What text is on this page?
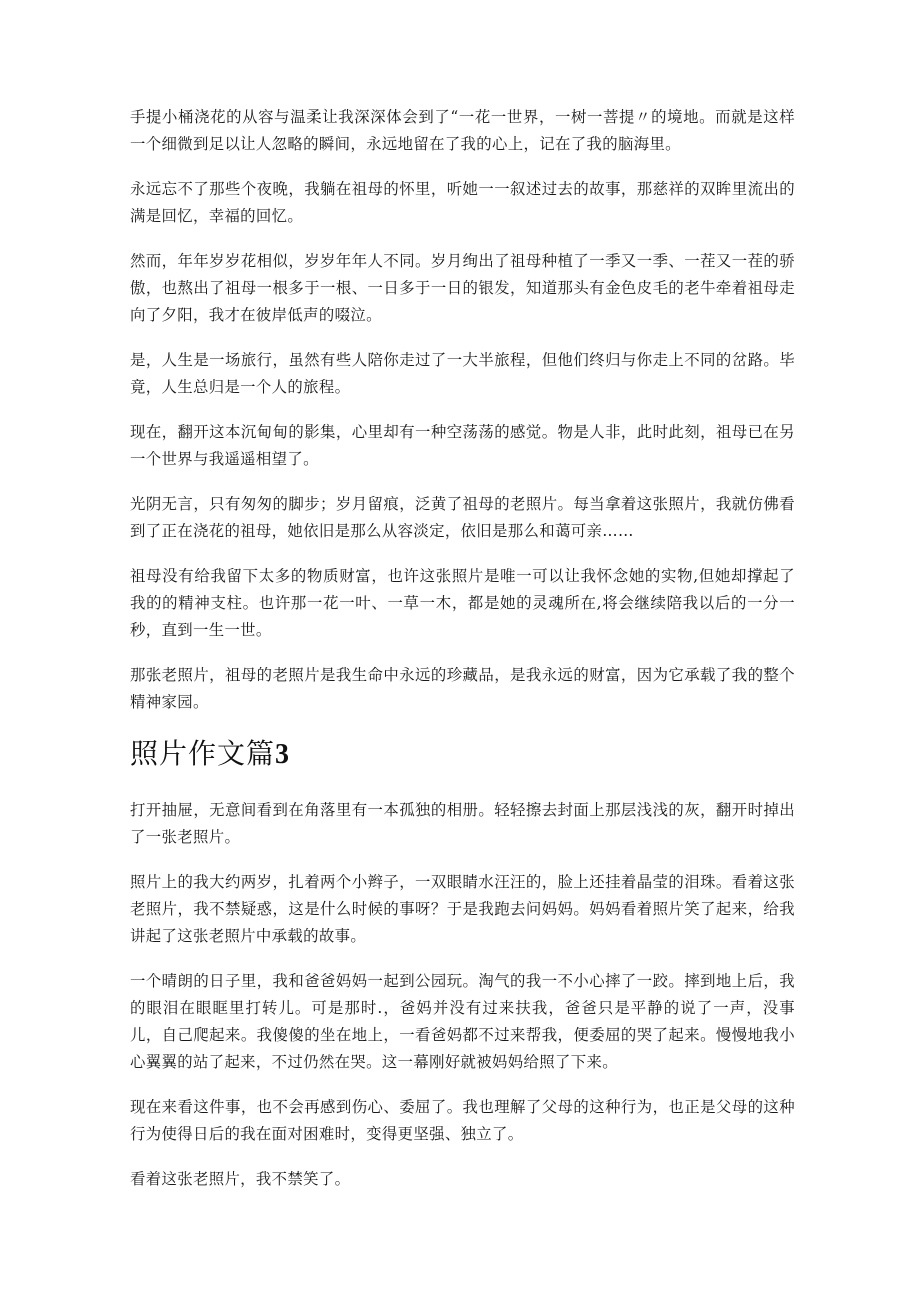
手提小桶浇花的从容与温柔让我深深体会到了“一花一世界，一树一菩提〃的境地。而就是这样一个细微到足以让人忽略的瞬间，永远地留在了我的心上，记在了我的脑海里。

永远忘不了那些个夜晚，我躺在祖母的怀里，听她一一叙述过去的故事，那慈祥的双眸里流出的满是回忆，幸福的回忆。

然而，年年岁岁花相似，岁岁年年人不同。岁月绚出了祖母种植了一季又一季、一茬又一茬的骄傲，也熬出了祖母一根多于一根、一日多于一日的银发，知道那头有金色皮毛的老牛牵着祖母走向了夕阳，我才在彼岸低声的啜泣。

是，人生是一场旅行，虽然有些人陪你走过了一大半旅程，但他们终归与你走上不同的岔路。毕竟，人生总归是一个人的旅程。

现在，翻开这本沉甸甸的影集，心里却有一种空荡荡的感觉。物是人非，此时此刻，祖母已在另一个世界与我遥遥相望了。

光阴无言，只有匆匆的脚步；岁月留痕，泛黄了祖母的老照片。每当拿着这张照片，我就仿佛看到了正在浇花的祖母，她依旧是那么从容淡定，依旧是那么和蔼可亲……

祖母没有给我留下太多的物质财富，也许这张照片是唯一可以让我怀念她的实物,但她却撑起了我的的精神支柱。也许那一花一叶、一草一木，都是她的灵魂所在,将会继续陪我以后的一分一秒，直到一生一世。

那张老照片，祖母的老照片是我生命中永远的珍藏品，是我永远的财富，因为它承载了我的整个精神家园。

照片作文篇3

打开抽屉，无意间看到在角落里有一本孤独的相册。轻轻擦去封面上那层浅浅的灰，翻开时掉出了一张老照片。

照片上的我大约两岁，扎着两个小辫子，一双眼睛水汪汪的，脸上还挂着晶莹的泪珠。看着这张老照片，我不禁疑惑，这是什么时候的事呀？于是我跑去问妈妈。妈妈看着照片笑了起来，给我讲起了这张老照片中承载的故事。

一个晴朗的日子里，我和爸爸妈妈一起到公园玩。淘气的我一不小心摔了一跤。摔到地上后，我的眼泪在眼眶里打转儿。可是那时.，爸妈并没有过来扶我，爸爸只是平静的说了一声，没事儿，自己爬起来。我傻傻的坐在地上，一看爸妈都不过来帮我，便委屈的哭了起来。慢慢地我小心翼翼的站了起来，不过仍然在哭。这一幕刚好就被妈妈给照了下来。

现在来看这件事，也不会再感到伤心、委屈了。我也理解了父母的这种行为，也正是父母的这种行为使得日后的我在面对困难时，变得更坚强、独立了。

看着这张老照片，我不禁笑了。
